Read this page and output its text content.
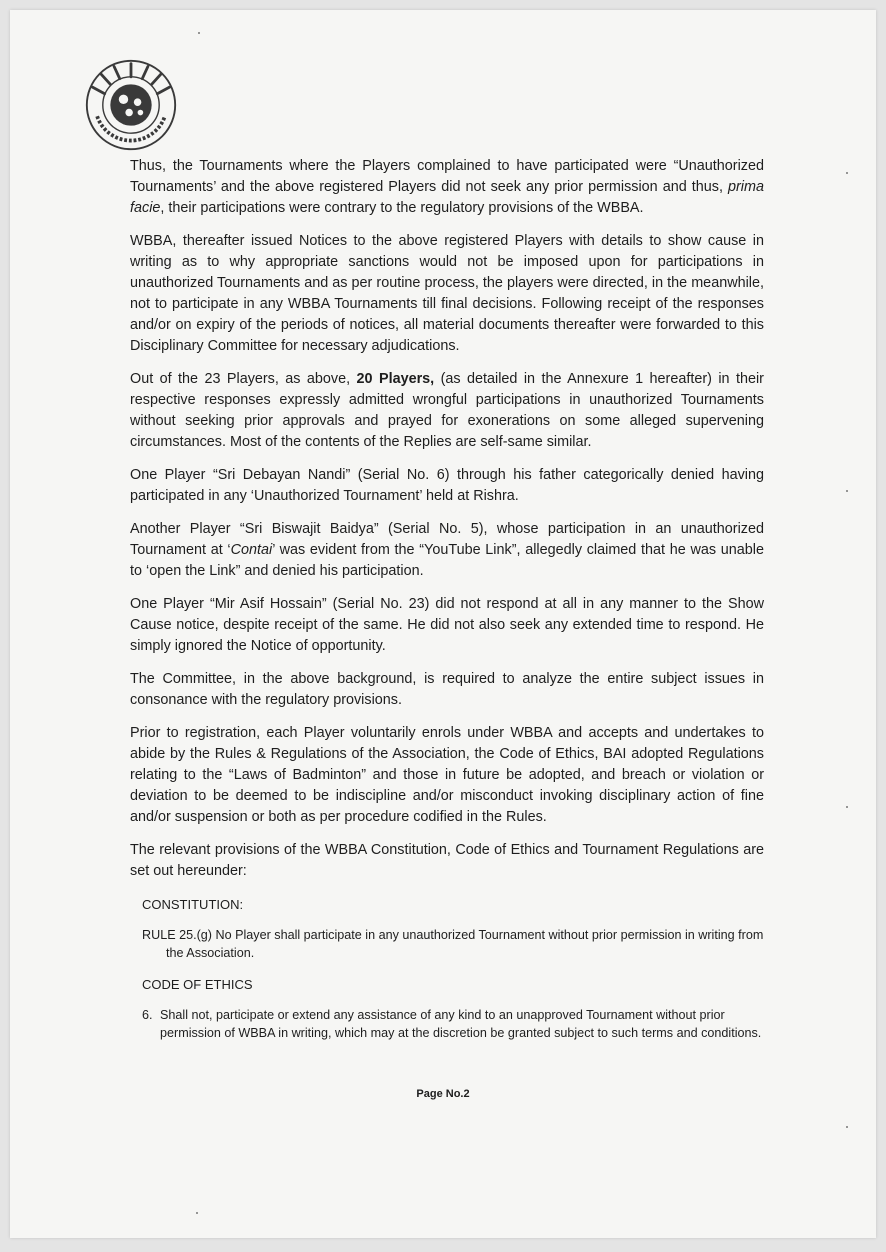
Thus, the Tournaments where the Players complained to have participated were “Unauthorized Tournaments’ and the above registered Players did not seek any prior permission and thus, prima facie, their participations were contrary to the regulatory provisions of the WBBA.

WBBA, thereafter issued Notices to the above registered Players with details to show cause in writing as to why appropriate sanctions would not be imposed upon for participations in unauthorized Tournaments and as per routine process, the players were directed, in the meanwhile, not to participate in any WBBA Tournaments till final decisions. Following receipt of the responses and/or on expiry of the periods of notices, all material documents thereafter were forwarded to this Disciplinary Committee for necessary adjudications.

Out of the 23 Players, as above, 20 Players, (as detailed in the Annexure 1 hereafter) in their respective responses expressly admitted wrongful participations in unauthorized Tournaments without seeking prior approvals and prayed for exonerations on some alleged supervening circumstances. Most of the contents of the Replies are self-same similar.

One Player “Sri Debayan Nandi” (Serial No. 6) through his father categorically denied having participated in any ‘Unauthorized Tournament’ held at Rishra.

Another Player “Sri Biswajit Baidya” (Serial No. 5), whose participation in an unauthorized Tournament at ‘Contai’ was evident from the “YouTube Link”, allegedly claimed that he was unable to ‘open the Link” and denied his participation.

One Player “Mir Asif Hossain” (Serial No. 23) did not respond at all in any manner to the Show Cause notice, despite receipt of the same. He did not also seek any extended time to respond. He simply ignored the Notice of opportunity.

The Committee, in the above background, is required to analyze the entire subject issues in consonance with the regulatory provisions.

Prior to registration, each Player voluntarily enrols under WBBA and accepts and undertakes to abide by the Rules & Regulations of the Association, the Code of Ethics, BAI adopted Regulations relating to the “Laws of Badminton” and those in future be adopted, and breach or violation or deviation to be deemed to be indiscipline and/or misconduct invoking disciplinary action of fine and/or suspension or both as per procedure codified in the Rules.

The relevant provisions of the WBBA Constitution, Code of Ethics and Tournament Regulations are set out hereunder:

CONSTITUTION:
RULE 25.(g) No Player shall participate in any unauthorized Tournament without prior permission in writing from the Association.
CODE OF ETHICS
6. Shall not, participate or extend any assistance of any kind to an unapproved Tournament without prior permission of WBBA in writing, which may at the discretion be granted subject to such terms and conditions.
Page No.2
